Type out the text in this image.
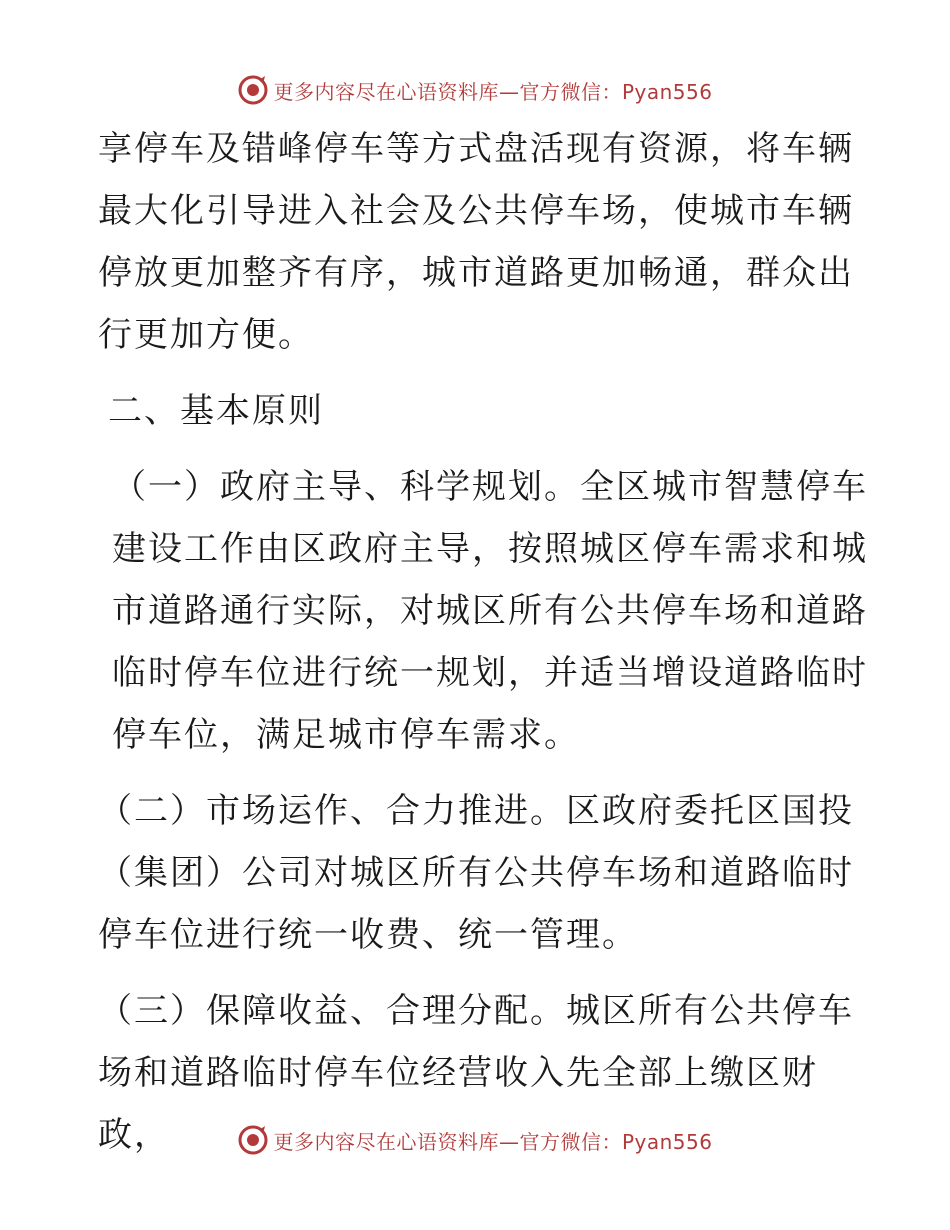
更多内容尽在心语资料库—官方微信：Pyan556

享停车及错峰停车等方式盘活现有资源，将车辆最大化引导进入社会及公共停车场，使城市车辆停放更加整齐有序，城市道路更加畅通，群众出行更加方便。

二、基本原则

（一）政府主导、科学规划。全区城市智慧停车建设工作由区政府主导，按照城区停车需求和城市道路通行实际，对城区所有公共停车场和道路临时停车位进行统一规划，并适当增设道路临时停车位，满足城市停车需求。

（二）市场运作、合力推进。区政府委托区国投（集团）公司对城区所有公共停车场和道路临时停车位进行统一收费、统一管理。

（三）保障收益、合理分配。城区所有公共停车场和道路临时停车位经营收入先全部上缴区财政，	更多内容尽在心语资料库—官方微信：Pyan556
